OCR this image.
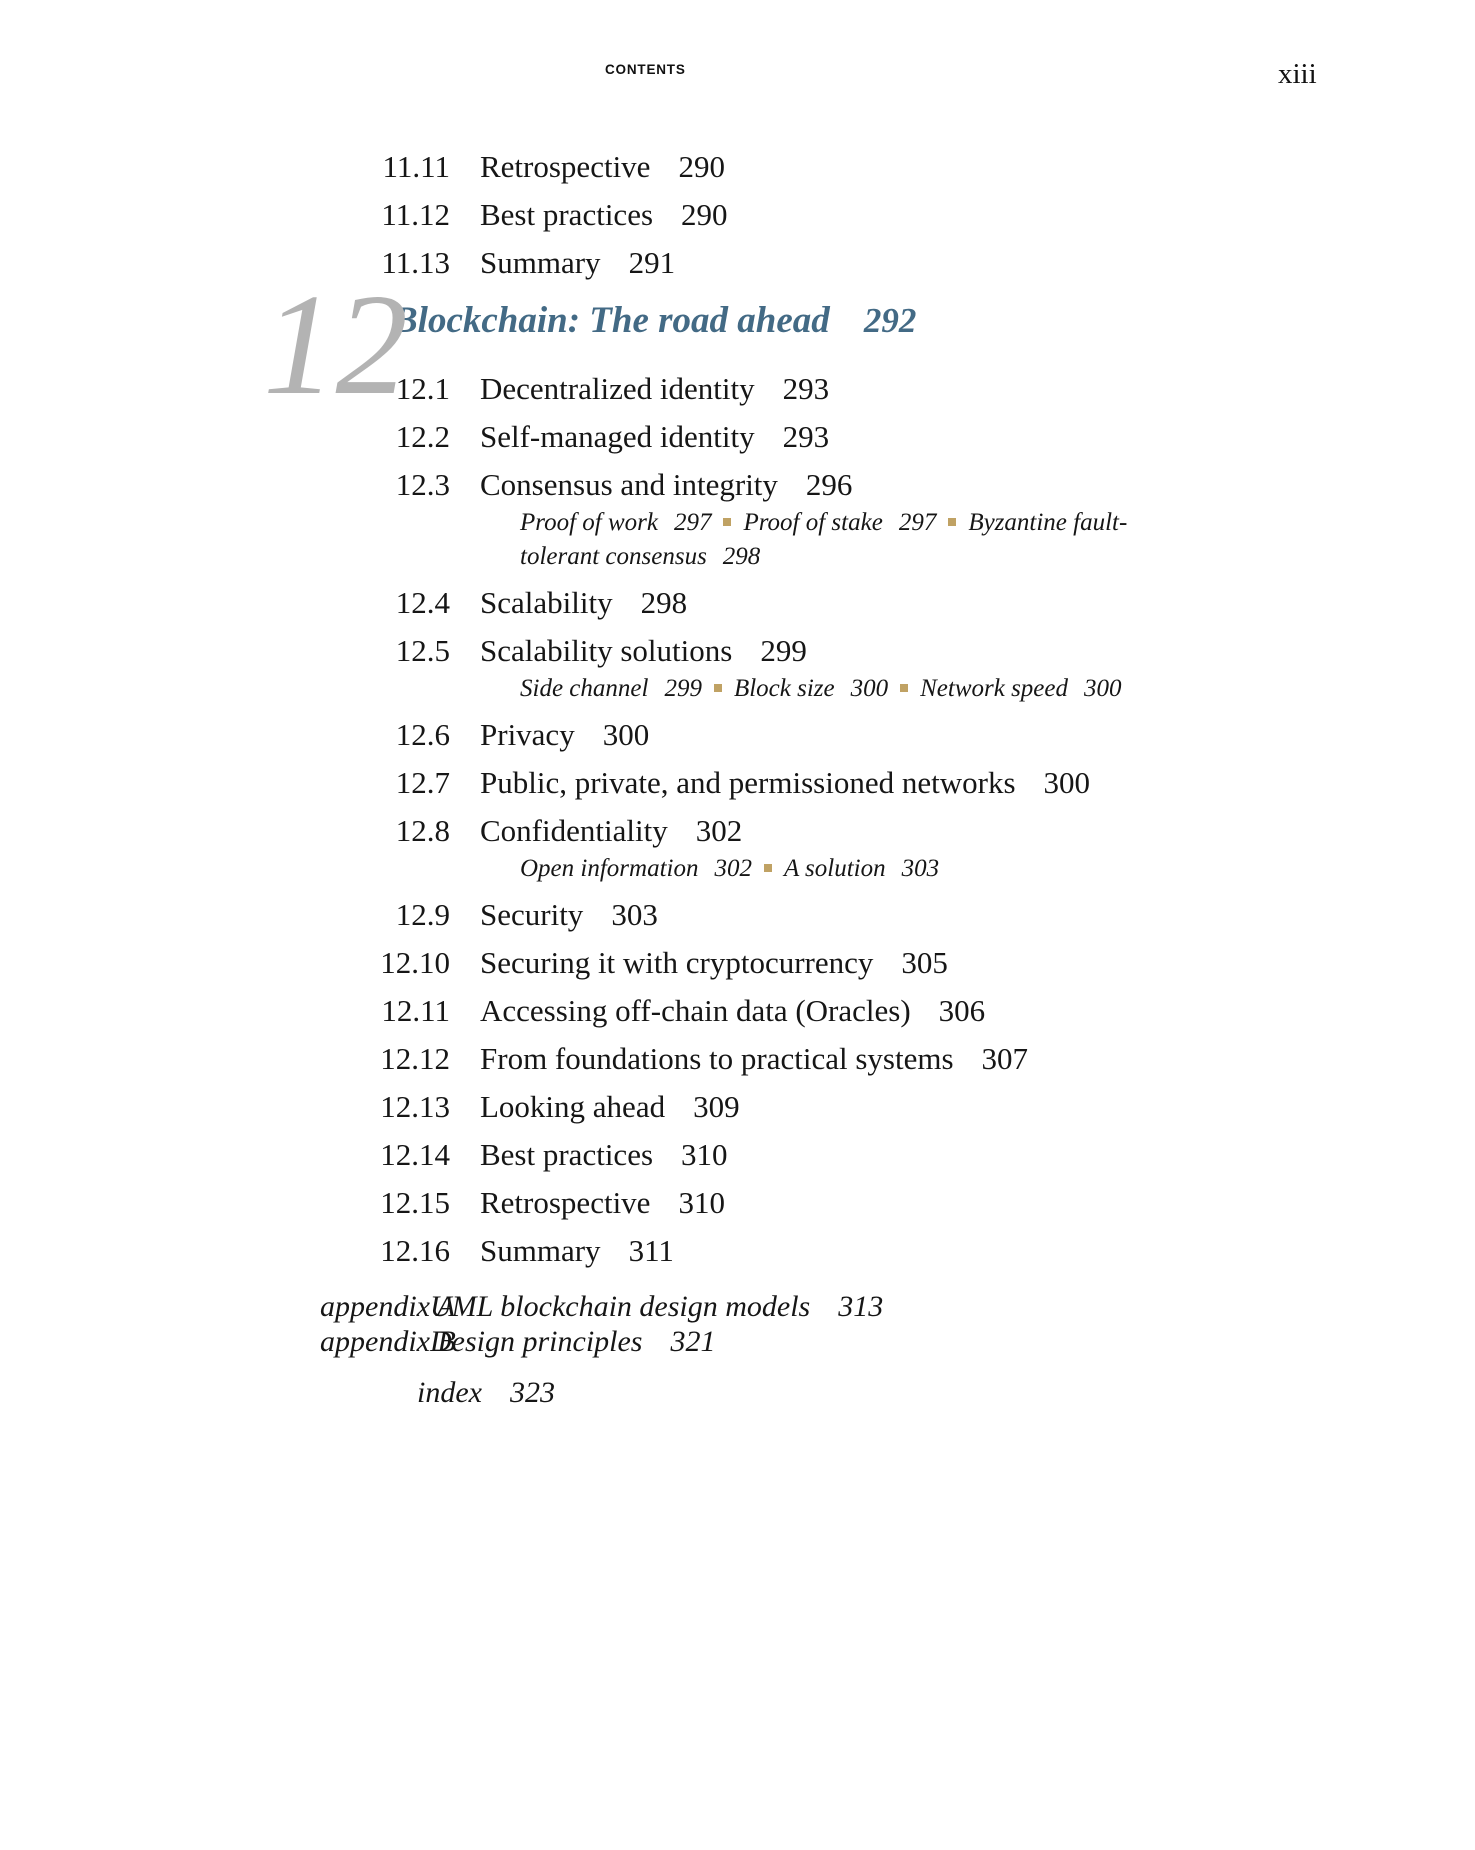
CONTENTS	xiii
11.11 Retrospective 290
11.12 Best practices 290
11.13 Summary 291
12
Blockchain: The road ahead 292
12.1 Decentralized identity 293
12.2 Self-managed identity 293
12.3 Consensus and integrity 296
Proof of work 297 Proof of stake 297 Byzantine fault-tolerant consensus 298
12.4 Scalability 298
12.5 Scalability solutions 299
Side channel 299 Block size 300 Network speed 300
12.6 Privacy 300
12.7 Public, private, and permissioned networks 300
12.8 Confidentiality 302
Open information 302 A solution 303
12.9 Security 303
12.10 Securing it with cryptocurrency 305
12.11 Accessing off-chain data (Oracles) 306
12.12 From foundations to practical systems 307
12.13 Looking ahead 309
12.14 Best practices 310
12.15 Retrospective 310
12.16 Summary 311
appendix AUML blockchain design models 313
appendix BDesign principles 321
index 323
